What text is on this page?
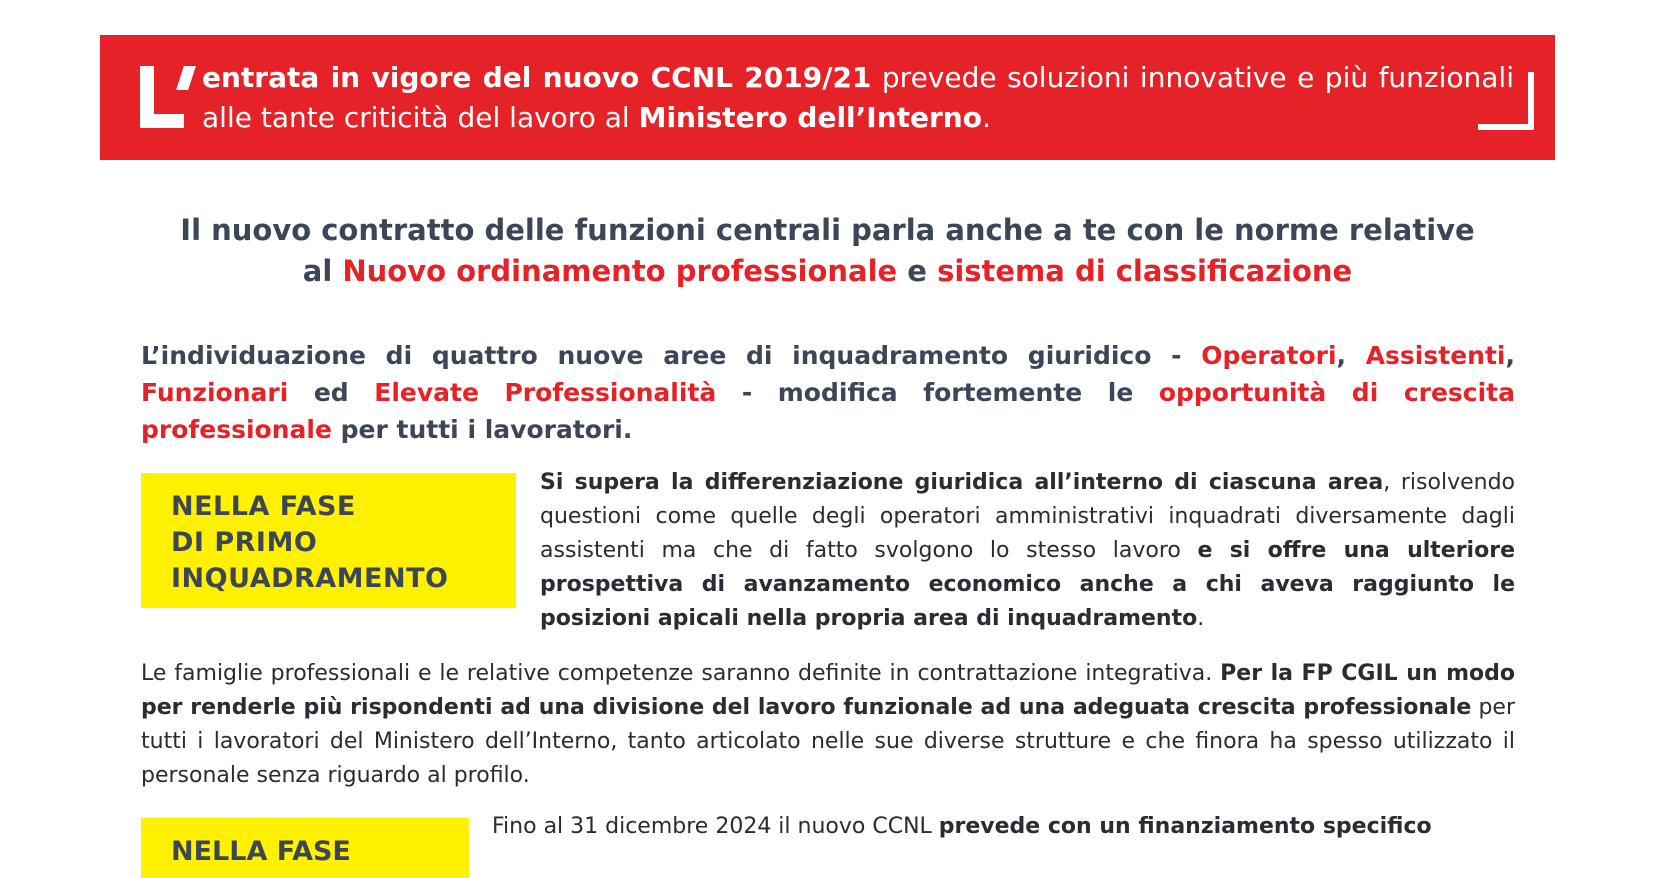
entrata in vigore del nuovo CCNL 2019/21 prevede soluzioni innovative e più funzionali alle tante criticità del lavoro al Ministero dell’Interno.
Il nuovo contratto delle funzioni centrali parla anche a te con le norme relative
al Nuovo ordinamento professionale e sistema di classificazione
L’individuazione di quattro nuove aree di inquadramento giuridico - Operatori, Assistenti, Funzionari ed Elevate Professionalità - modifica fortemente le opportunità di crescita professionale per tutti i lavoratori.
NELLA FASE
DI PRIMO
INQUADRAMENTO
Si supera la differenziazione giuridica all’interno di ciascuna area, risolvendo questioni come quelle degli operatori amministrativi inquadrati diversamente dagli assistenti ma che di fatto svolgono lo stesso lavoro e si offre una ulteriore prospettiva di avanzamento economico anche a chi aveva raggiunto le posizioni apicali nella propria area di inquadramento.
Le famiglie professionali e le relative competenze saranno definite in contrattazione integrativa. Per la FP CGIL un modo per renderle più rispondenti ad una divisione del lavoro funzionale ad una adeguata crescita professionale per tutti i lavoratori del Ministero dell’Interno, tanto articolato nelle sue diverse strutture e che finora ha spesso utilizzato il personale senza riguardo al profilo.
NELLA FASE
Fino al 31 dicembre 2024 il nuovo CCNL prevede con un finanziamento specifico
